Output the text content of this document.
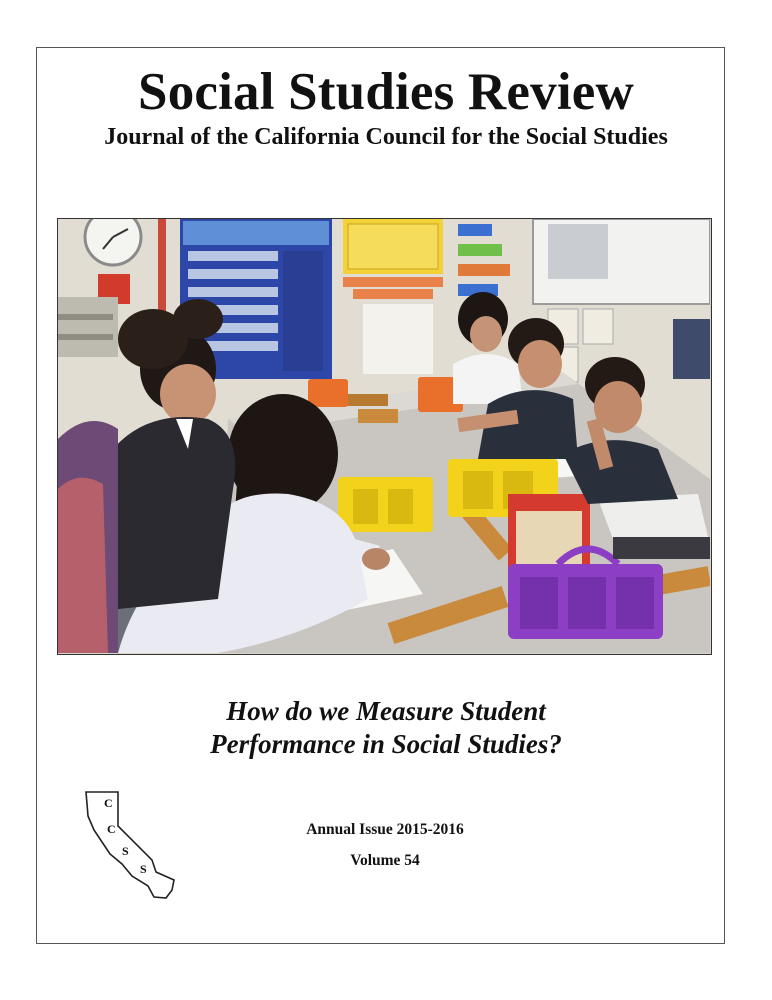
Social Studies Review
Journal of the California Council for the Social Studies
How do we Measure Student
Performance in Social Studies?
C
C
S
S
Annual Issue 2015-2016
Volume 54
